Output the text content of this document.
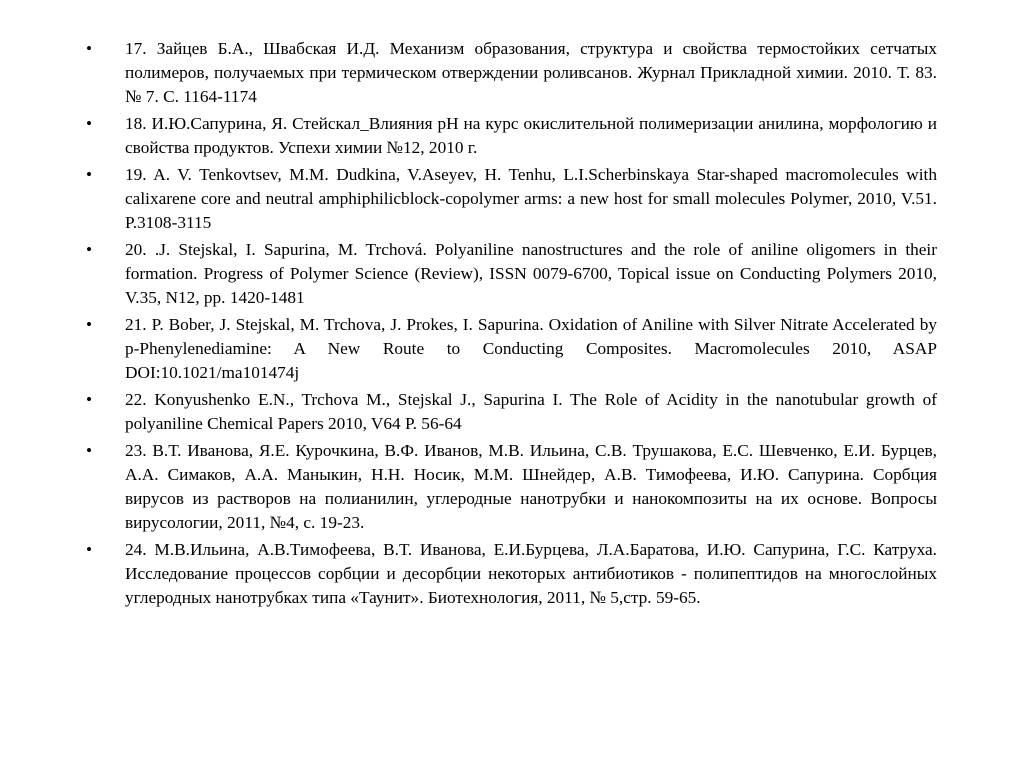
• 17. Зайцев Б.А., Швабская И.Д. Механизм образования, структура и свойства термостойких сетчатых полимеров, получаемых при термическом отверждении роливсанов. Журнал Прикладной химии. 2010. Т. 83. № 7. С. 1164-1174
• 18. И.Ю.Сапурина, Я. Стейскал_Влияния pH на курс окислительной полимеризации анилина, морфологию и свойства продуктов. Успехи химии №12, 2010 г.
• 19. A. V. Tenkovtsev, M.M. Dudkina, V.Aseyev, H. Tenhu, L.I.Scherbinskaya Star-shaped macromolecules with calixarene core and neutral amphiphilicblock-copolymer arms: a new host for small molecules Polymer, 2010, V.51. P.3108-3115
• 20. .J. Stejskal, I. Sapurina, M. Trchová. Polyaniline nanostructures and the role of aniline oligomers in their formation. Progress of Polymer Science (Review), ISSN 0079-6700, Topical issue on Conducting Polymers 2010, V.35, N12, pp. 1420-1481
• 21. P. Bober, J. Stejskal, M. Trchova, J. Prokes, I. Sapurina. Oxidation of Aniline with Silver Nitrate Accelerated by p-Phenylenediamine: A New Route to Conducting Composites. Macromolecules 2010, ASAP DOI:10.1021/ma101474j
• 22. Konyushenko E.N., Trchova M., Stejskal J., Sapurina I. The Role of Acidity in the nanotubular growth of polyaniline Chemical Papers 2010, V64 P. 56-64
• 23. В.Т. Иванова, Я.Е. Курочкина, В.Ф. Иванов, М.В. Ильина, С.В. Трушакова, Е.С. Шевченко, Е.И. Бурцев, А.А. Симаков, А.А. Маныкин, Н.Н. Носик, М.М. Шнейдер, А.В. Тимофеева, И.Ю. Сапурина. Сорбция вирусов из растворов на полианилин, углеродные нанотрубки и нанокомпозиты на их основе. Вопросы вирусологии, 2011, №4, с. 19-23.
• 24. М.В.Ильина, А.В.Тимофеева, В.Т. Иванова, Е.И.Бурцева, Л.А.Баратова, И.Ю. Сапурина, Г.С. Катруха. Исследование процессов сорбции и десорбции некоторых антибиотиков - полипептидов на многослойных углеродных нанотрубках типа «Таунит». Биотехнология, 2011, № 5,стр. 59-65.
